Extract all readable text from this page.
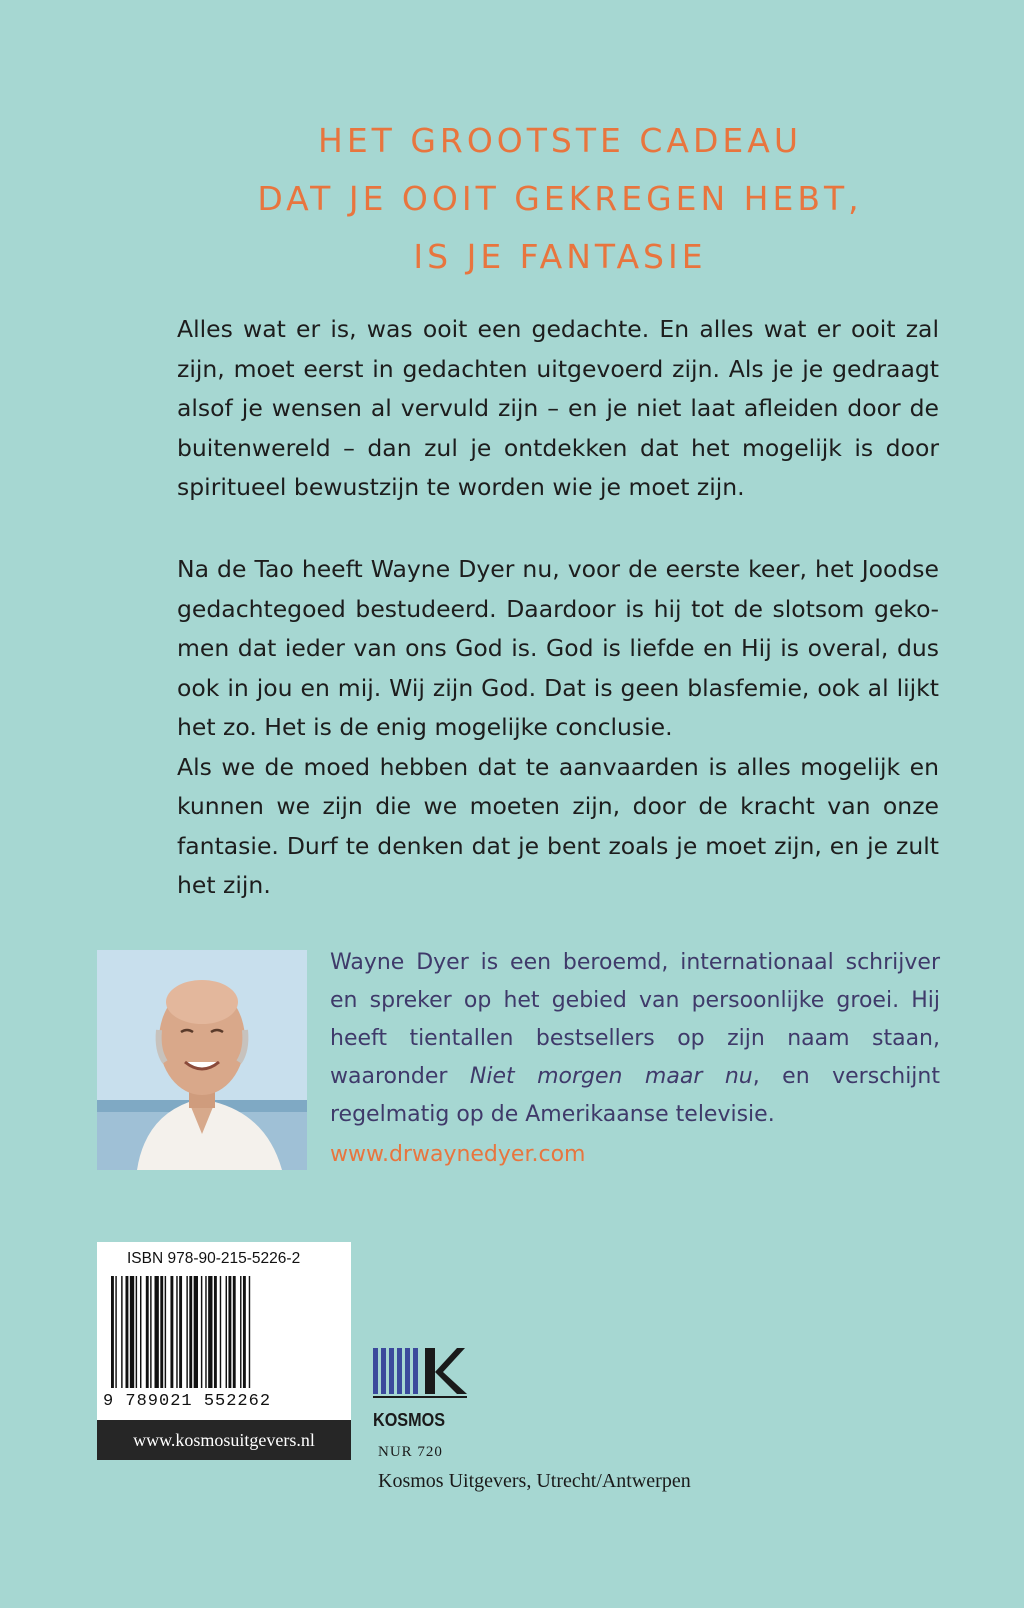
HET GROOTSTE CADEAU
DAT JE OOIT GEKREGEN HEBT,
IS JE FANTASIE

Alles wat er is, was ooit een gedachte. En alles wat er ooit zal zijn, moet eerst in gedachten uitgevoerd zijn. Als je je gedraagt alsof je wensen al vervuld zijn – en je niet laat afleiden door de buitenwereld – dan zul je ontdekken dat het mogelijk is door spiritueel bewustzijn te worden wie je moet zijn.

Na de Tao heeft Wayne Dyer nu, voor de eerste keer, het Joodse gedachtegoed bestudeerd. Daardoor is hij tot de slotsom gekomen dat ieder van ons God is. God is liefde en Hij is overal, dus ook in jou en mij. Wij zijn God. Dat is geen blasfemie, ook al lijkt het zo. Het is de enig mogelijke conclusie.

Als we de moed hebben dat te aanvaarden is alles mogelijk en kunnen we zijn die we moeten zijn, door de kracht van onze fantasie. Durf te denken dat je bent zoals je moet zijn, en je zult het zijn.

Wayne Dyer is een beroemd, internationaal schrijver en spreker op het gebied van persoonlijke groei. Hij heeft tientallen bestsellers op zijn naam staan, waaronder Niet morgen maar nu, en verschijnt regelmatig op de Amerikaanse televisie.

www.drwaynedyer.com
ISBN 978-90-215-5226-2
9 789021 552262
www.kosmosuitgevers.nl
KOSMOS
NUR 720
Kosmos Uitgevers, Utrecht/Antwerpen
